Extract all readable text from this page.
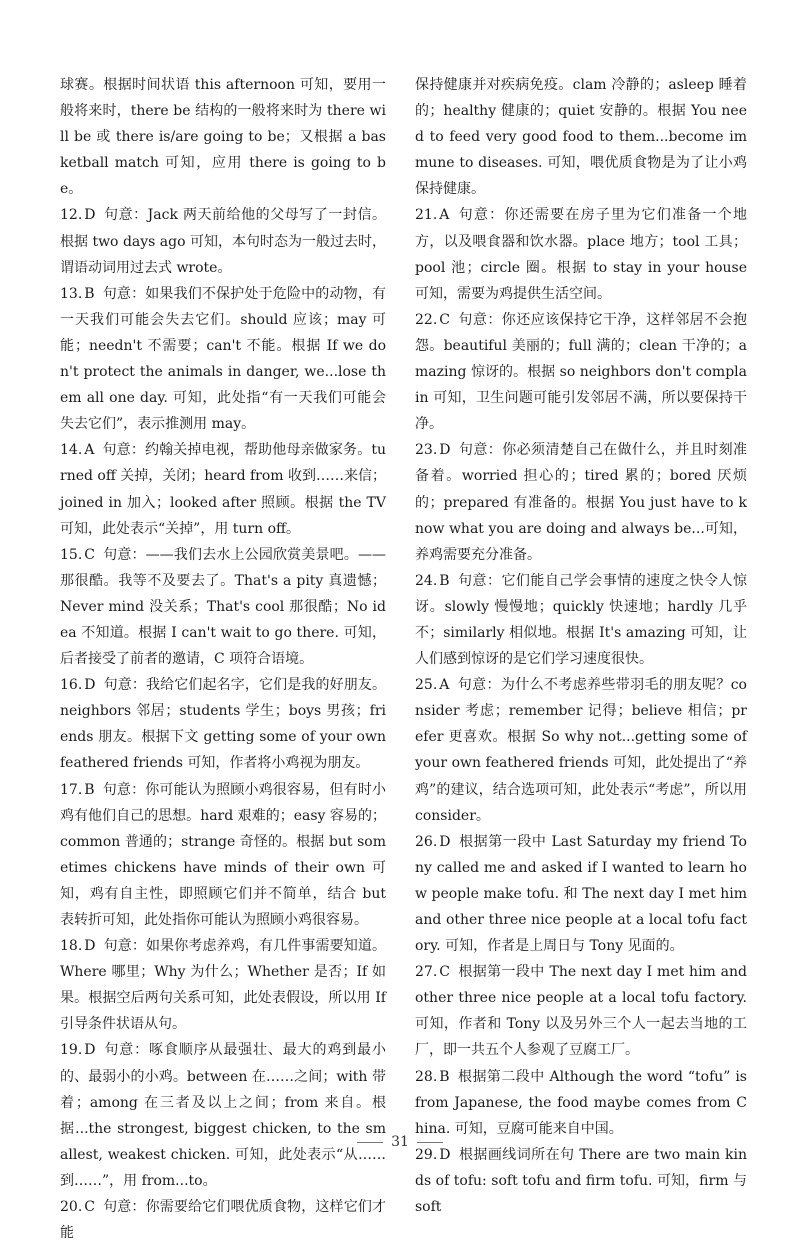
球赛。根据时间状语 this afternoon 可知，要用一般将来时，there be 结构的一般将来时为 there will be 或 there is/are going to be；又根据 a basketball match 可知，应用 there is going to be。

12. D 句意：Jack 两天前给他的父母写了一封信。根据 two days ago 可知，本句时态为一般过去时，谓语动词用过去式 wrote。

13. B 句意：如果我们不保护处于危险中的动物，有一天我们可能会失去它们。should 应该；may 可能；needn't 不需要；can't 不能。根据 If we don't protect the animals in danger, we...lose them all one day. 可知，此处指“有一天我们可能会失去它们”，表示推测用 may。

14. A 句意：约翰关掉电视，帮助他母亲做家务。turned off 关掉，关闭；heard from 收到……来信；joined in 加入；looked after 照顾。根据 the TV 可知，此处表示“关掉”，用 turn off。

15. C 句意：——我们去水上公园欣赏美景吧。——那很酷。我等不及要去了。That's a pity 真遗憾；Never mind 没关系；That's cool 那很酷；No idea 不知道。根据 I can't wait to go there. 可知，后者接受了前者的邀请，C 项符合语境。

16. D 句意：我给它们起名字，它们是我的好朋友。neighbors 邻居；students 学生；boys 男孩；friends 朋友。根据下文 getting some of your own feathered friends 可知，作者将小鸡视为朋友。

17. B 句意：你可能认为照顾小鸡很容易，但有时小鸡有他们自己的思想。hard 艰难的；easy 容易的；common 普通的；strange 奇怪的。根据 but sometimes chickens have minds of their own 可知，鸡有自主性，即照顾它们并不简单，结合 but 表转折可知，此处指你可能认为照顾小鸡很容易。

18. D 句意：如果你考虑养鸡，有几件事需要知道。Where 哪里；Why 为什么；Whether 是否；If 如果。根据空后两句关系可知，此处表假设，所以用 If 引导条件状语从句。

19. D 句意：啄食顺序从最强壮、最大的鸡到最小的、最弱小的小鸡。between 在……之间；with 带着；among 在三者及以上之间；from 来自。根据...the strongest, biggest chicken, to the smallest, weakest chicken. 可知，此处表示“从……到……”，用 from...to。

20. C 句意：你需要给它们喂优质食物，这样它们才能

保持健康并对疾病免疫。clam 冷静的；asleep 睡着的；healthy 健康的；quiet 安静的。根据 You need to feed very good food to them...become immune to diseases. 可知，喂优质食物是为了让小鸡保持健康。

21. A 句意：你还需要在房子里为它们准备一个地方，以及喂食器和饮水器。place 地方；tool 工具；pool 池；circle 圈。根据 to stay in your house 可知，需要为鸡提供生活空间。

22. C 句意：你还应该保持它干净，这样邻居不会抱怨。beautiful 美丽的；full 满的；clean 干净的；amazing 惊讶的。根据 so neighbors don't complain 可知，卫生问题可能引发邻居不满，所以要保持干净。

23. D 句意：你必须清楚自己在做什么，并且时刻准备着。worried 担心的；tired 累的；bored 厌烦的；prepared 有准备的。根据 You just have to know what you are doing and always be...可知，养鸡需要充分准备。

24. B 句意：它们能自己学会事情的速度之快令人惊讶。slowly 慢慢地；quickly 快速地；hardly 几乎不；similarly 相似地。根据 It's amazing 可知，让人们感到惊讶的是它们学习速度很快。

25. A 句意：为什么不考虑养些带羽毛的朋友呢？consider 考虑；remember 记得；believe 相信；prefer 更喜欢。根据 So why not...getting some of your own feathered friends 可知，此处提出了“养鸡”的建议，结合选项可知，此处表示“考虑”，所以用 consider。

26. D 根据第一段中 Last Saturday my friend Tony called me and asked if I wanted to learn how people make tofu. 和 The next day I met him and other three nice people at a local tofu factory. 可知，作者是上周日与 Tony 见面的。

27. C 根据第一段中 The next day I met him and other three nice people at a local tofu factory. 可知，作者和 Tony 以及另外三个人一起去当地的工厂，即一共五个人参观了豆腐工厂。

28. B 根据第二段中 Although the word “tofu” is from Japanese, the food maybe comes from China. 可知，豆腐可能来自中国。

29. D 根据画线词所在句 There are two main kinds of tofu: soft tofu and firm tofu. 可知，firm 与 soft

31
